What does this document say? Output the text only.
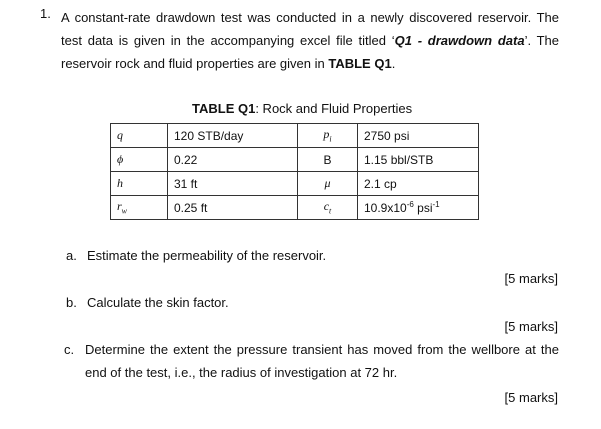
1. A constant-rate drawdown test was conducted in a newly discovered reservoir. The test data is given in the accompanying excel file titled ‘Q1 - drawdown data’. The reservoir rock and fluid properties are given in TABLE Q1.
TABLE Q1: Rock and Fluid Properties
q	120 STB/day	$p_i$	2750 psi
ϕ	0.22	B	1.15 bbl/STB
h	31 ft	μ	2.1 cp
$r_w$	0.25 ft	$c_t$	$10.9x10^{-6}$ psi$^{-1}$
a. Estimate the permeability of the reservoir.
[5 marks]
b. Calculate the skin factor.
[5 marks]
c. Determine the extent the pressure transient has moved from the wellbore at the end of the test, i.e., the radius of investigation at 72 hr.
[5 marks]
